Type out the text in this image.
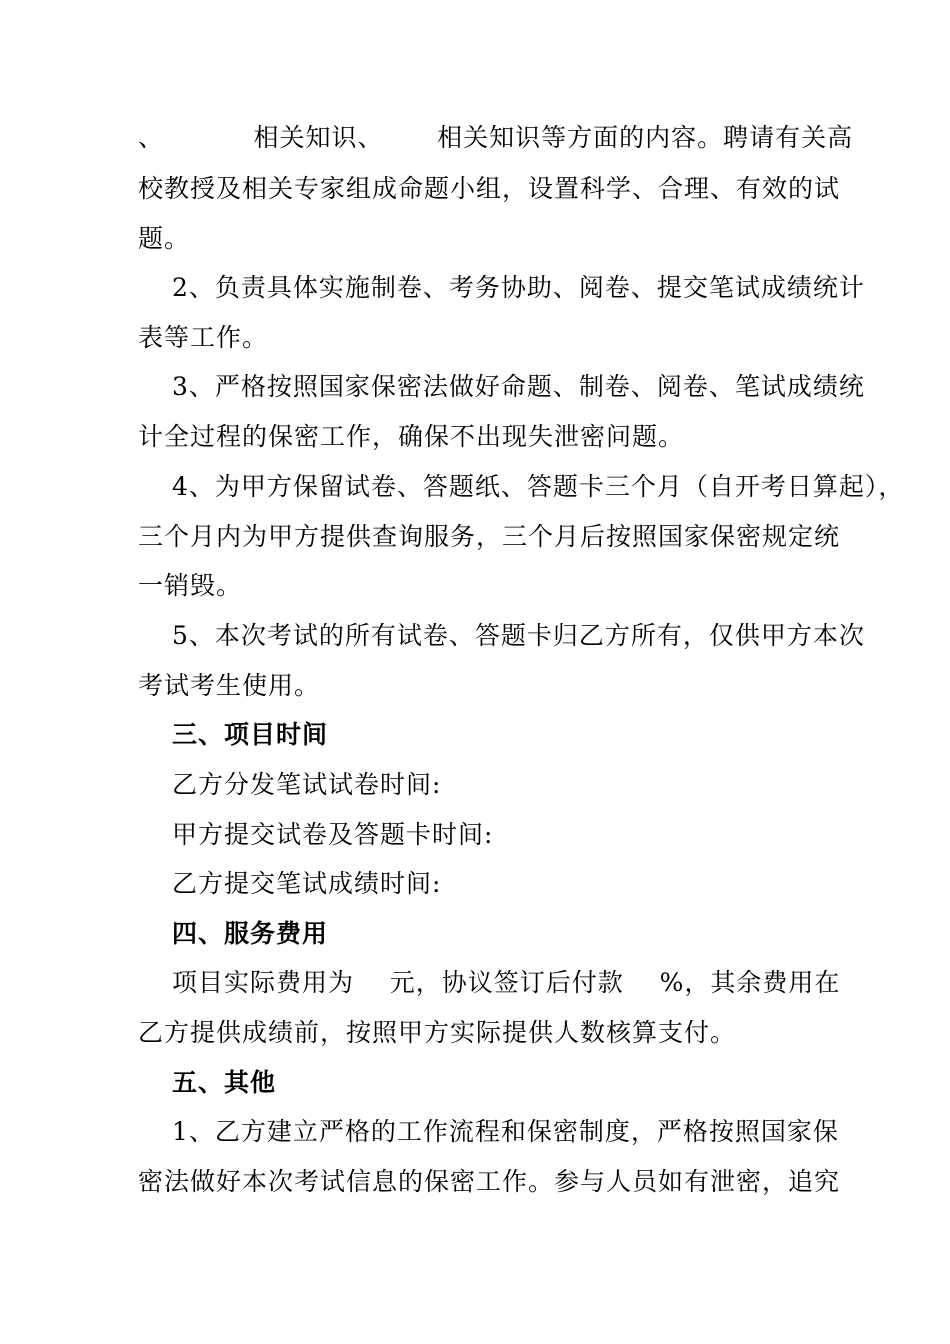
、          相关知识、      相关知识等方面的内容。聘请有关高
校教授及相关专家组成命题小组，设置科学、合理、有效的试
题。
2、负责具体实施制卷、考务协助、阅卷、提交笔试成绩统计
表等工作。
3、严格按照国家保密法做好命题、制卷、阅卷、笔试成绩统
计全过程的保密工作，确保不出现失泄密问题。
4、为甲方保留试卷、答题纸、答题卡三个月（自开考日算起），
三个月内为甲方提供查询服务，三个月后按照国家保密规定统
一销毁。
5、本次考试的所有试卷、答题卡归乙方所有，仅供甲方本次
考试考生使用。
三、项目时间
乙方分发笔试试卷时间:
甲方提交试卷及答题卡时间:
乙方提交笔试成绩时间:
四、服务费用
项目实际费用为    元，协议签订后付款    %，其余费用在
乙方提供成绩前，按照甲方实际提供人数核算支付。
五、其他
1、乙方建立严格的工作流程和保密制度，严格按照国家保
密法做好本次考试信息的保密工作。参与人员如有泄密，追究
